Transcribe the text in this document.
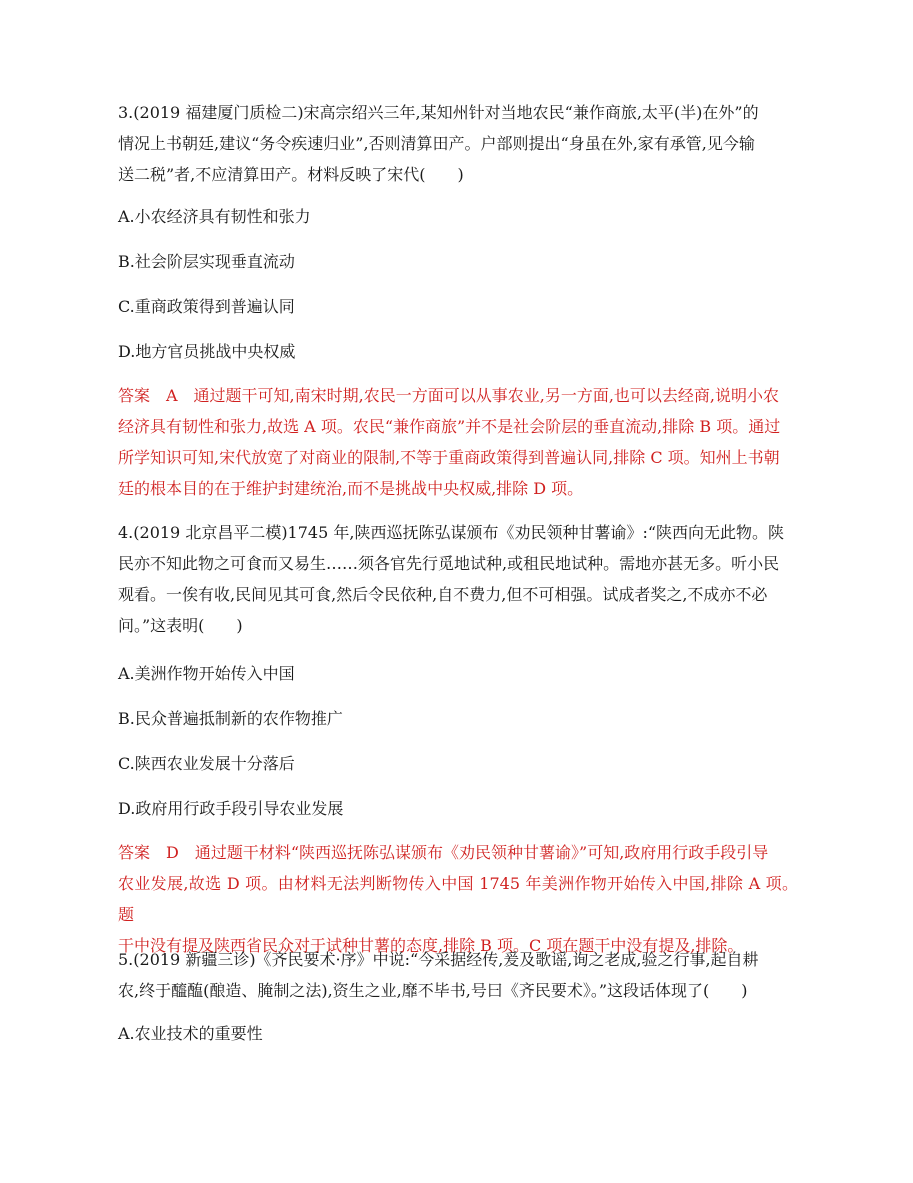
3.(2019 福建厦门质检二)宋高宗绍兴三年,某知州针对当地农民“兼作商旅,太平(半)在外”的

情况上书朝廷,建议“务令疾速归业”,否则清算田产。户部则提出“身虽在外,家有承管,见今输

送二税”者,不应清算田产。材料反映了宋代(　　)

A.小农经济具有韧性和张力

B.社会阶层实现垂直流动

C.重商政策得到普遍认同

D.地方官员挑战中央权威

答案　A　通过题干可知,南宋时期,农民一方面可以从事农业,另一方面,也可以去经商,说明小农

经济具有韧性和张力,故选 A 项。农民“兼作商旅”并不是社会阶层的垂直流动,排除 B 项。通过

所学知识可知,宋代放宽了对商业的限制,不等于重商政策得到普遍认同,排除 C 项。知州上书朝

廷的根本目的在于维护封建统治,而不是挑战中央权威,排除 D 项。

4.(2019 北京昌平二模)1745 年,陕西巡抚陈弘谋颁布《劝民领种甘薯谕》:“陕西向无此物。陕

民亦不知此物之可食而又易生……须各官先行觅地试种,或租民地试种。需地亦甚无多。听小民

观看。一俟有收,民间见其可食,然后令民依种,自不费力,但不可相强。试成者奖之,不成亦不必

问。”这表明(　　)

A.美洲作物开始传入中国

B.民众普遍抵制新的农作物推广

C.陕西农业发展十分落后

D.政府用行政手段引导农业发展

答案　D　通过题干材料“陕西巡抚陈弘谋颁布《劝民领种甘薯谕》”可知,政府用行政手段引导

农业发展,故选 D 项。由材料无法判断物传入中国 1745 年美洲作物开始传入中国,排除 A 项。题

干中没有提及陕西省民众对于试种甘薯的态度,排除 B 项。C 项在题干中没有提及,排除。

5.(2019 新疆三诊)《齐民要术·序》中说:“今采据经传,爰及歌谣,询之老成,验之行事,起自耕

农,终于醯醢(酿造、腌制之法),资生之业,靡不毕书,号曰《齐民要术》。”这段话体现了(　　)

A.农业技术的重要性
